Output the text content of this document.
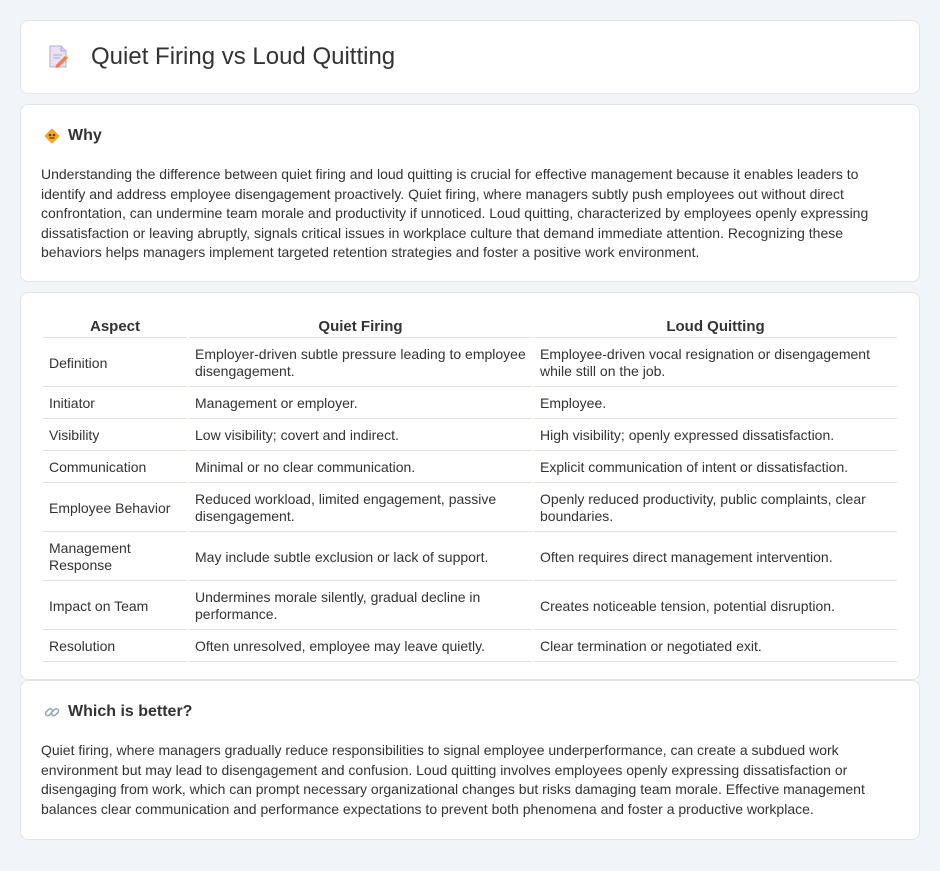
Quiet Firing vs Loud Quitting
Why

Understanding the difference between quiet firing and loud quitting is crucial for effective management because it enables leaders to identify and address employee disengagement proactively. Quiet firing, where managers subtly push employees out without direct confrontation, can undermine team morale and productivity if unnoticed. Loud quitting, characterized by employees openly expressing dissatisfaction or leaving abruptly, signals critical issues in workplace culture that demand immediate attention. Recognizing these behaviors helps managers implement targeted retention strategies and foster a positive work environment.

Aspect	Quiet Firing	Loud Quitting
Definition	Employer-driven subtle pressure leading to employee disengagement.	Employee-driven vocal resignation or disengagement while still on the job.
Initiator	Management or employer.	Employee.
Visibility	Low visibility; covert and indirect.	High visibility; openly expressed dissatisfaction.
Communication	Minimal or no clear communication.	Explicit communication of intent or dissatisfaction.
Employee Behavior	Reduced workload, limited engagement, passive disengagement.	Openly reduced productivity, public complaints, clear boundaries.
Management Response	May include subtle exclusion or lack of support.	Often requires direct management intervention.
Impact on Team	Undermines morale silently, gradual decline in performance.	Creates noticeable tension, potential disruption.
Resolution	Often unresolved, employee may leave quietly.	Clear termination or negotiated exit.
Which is better?

Quiet firing, where managers gradually reduce responsibilities to signal employee underperformance, can create a subdued work environment but may lead to disengagement and confusion. Loud quitting involves employees openly expressing dissatisfaction or disengaging from work, which can prompt necessary organizational changes but risks damaging team morale. Effective management balances clear communication and performance expectations to prevent both phenomena and foster a productive workplace.
